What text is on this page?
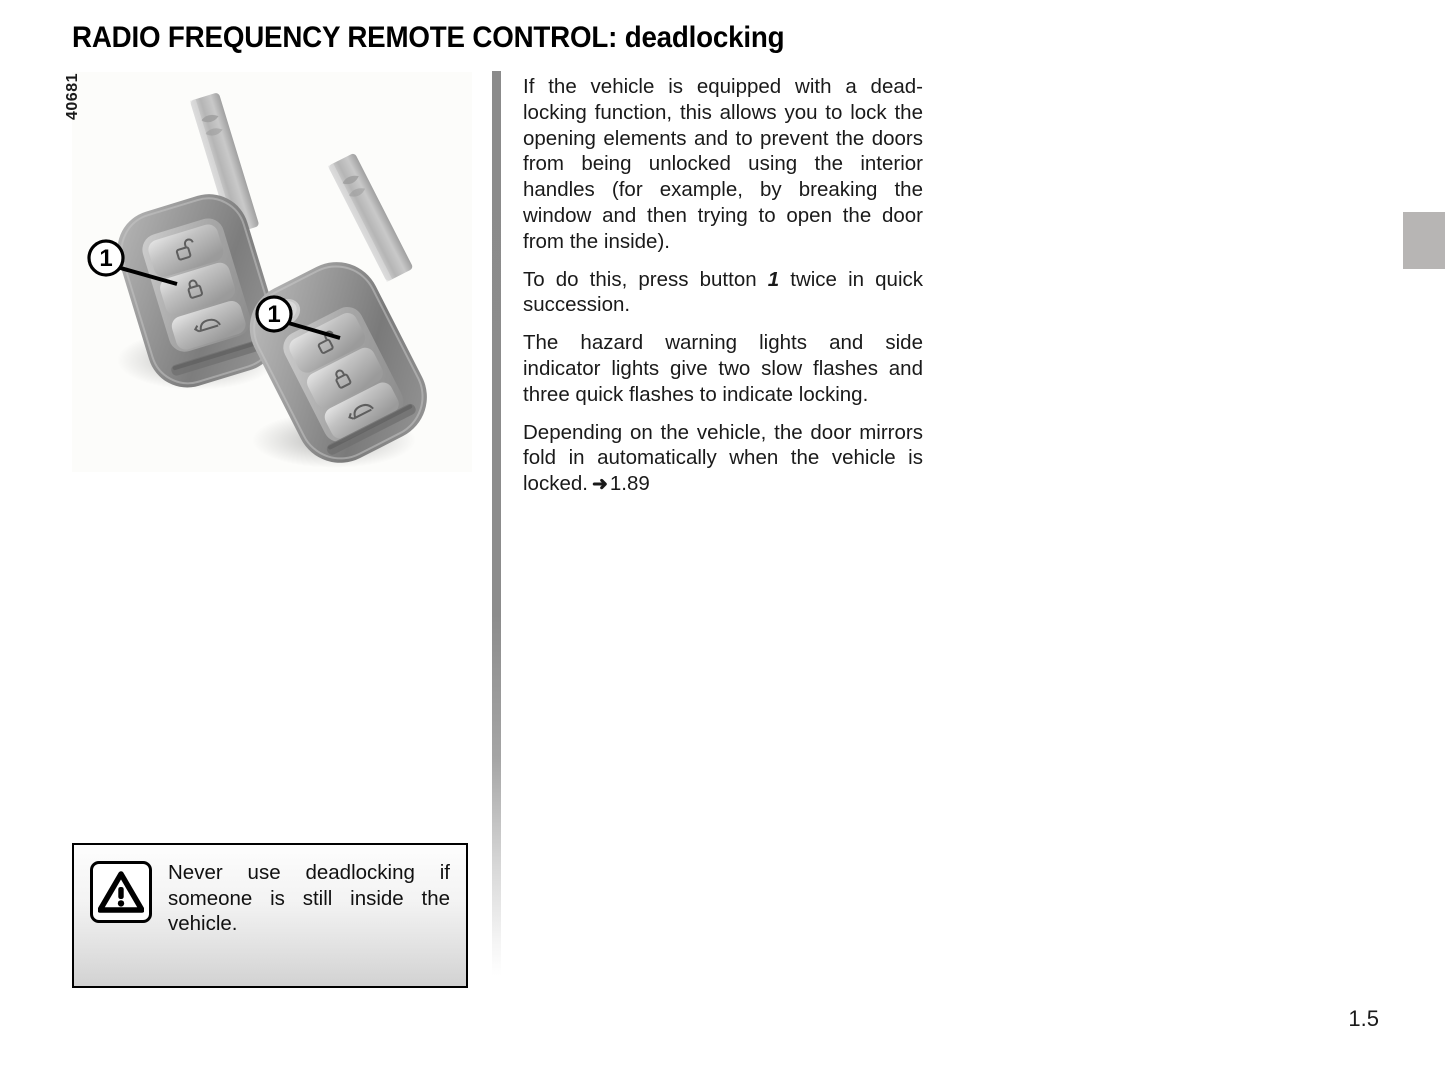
RADIO FREQUENCY REMOTE CONTROL: deadlocking
40681
1
1

If the vehicle is equipped with a dead-locking function, this allows you to lock the opening elements and to prevent the doors from being unlocked using the interior handles (for example, by breaking the window and then trying to open the door from the inside).

To do this, press button 1 twice in quick succession.

The hazard warning lights and side indicator lights give two slow flashes and three quick flashes to indicate locking.

Depending on the vehicle, the door mirrors fold in automatically when the vehicle is locked. ➜1.89

Never use deadlocking if someone is still inside the vehicle.
1.5
